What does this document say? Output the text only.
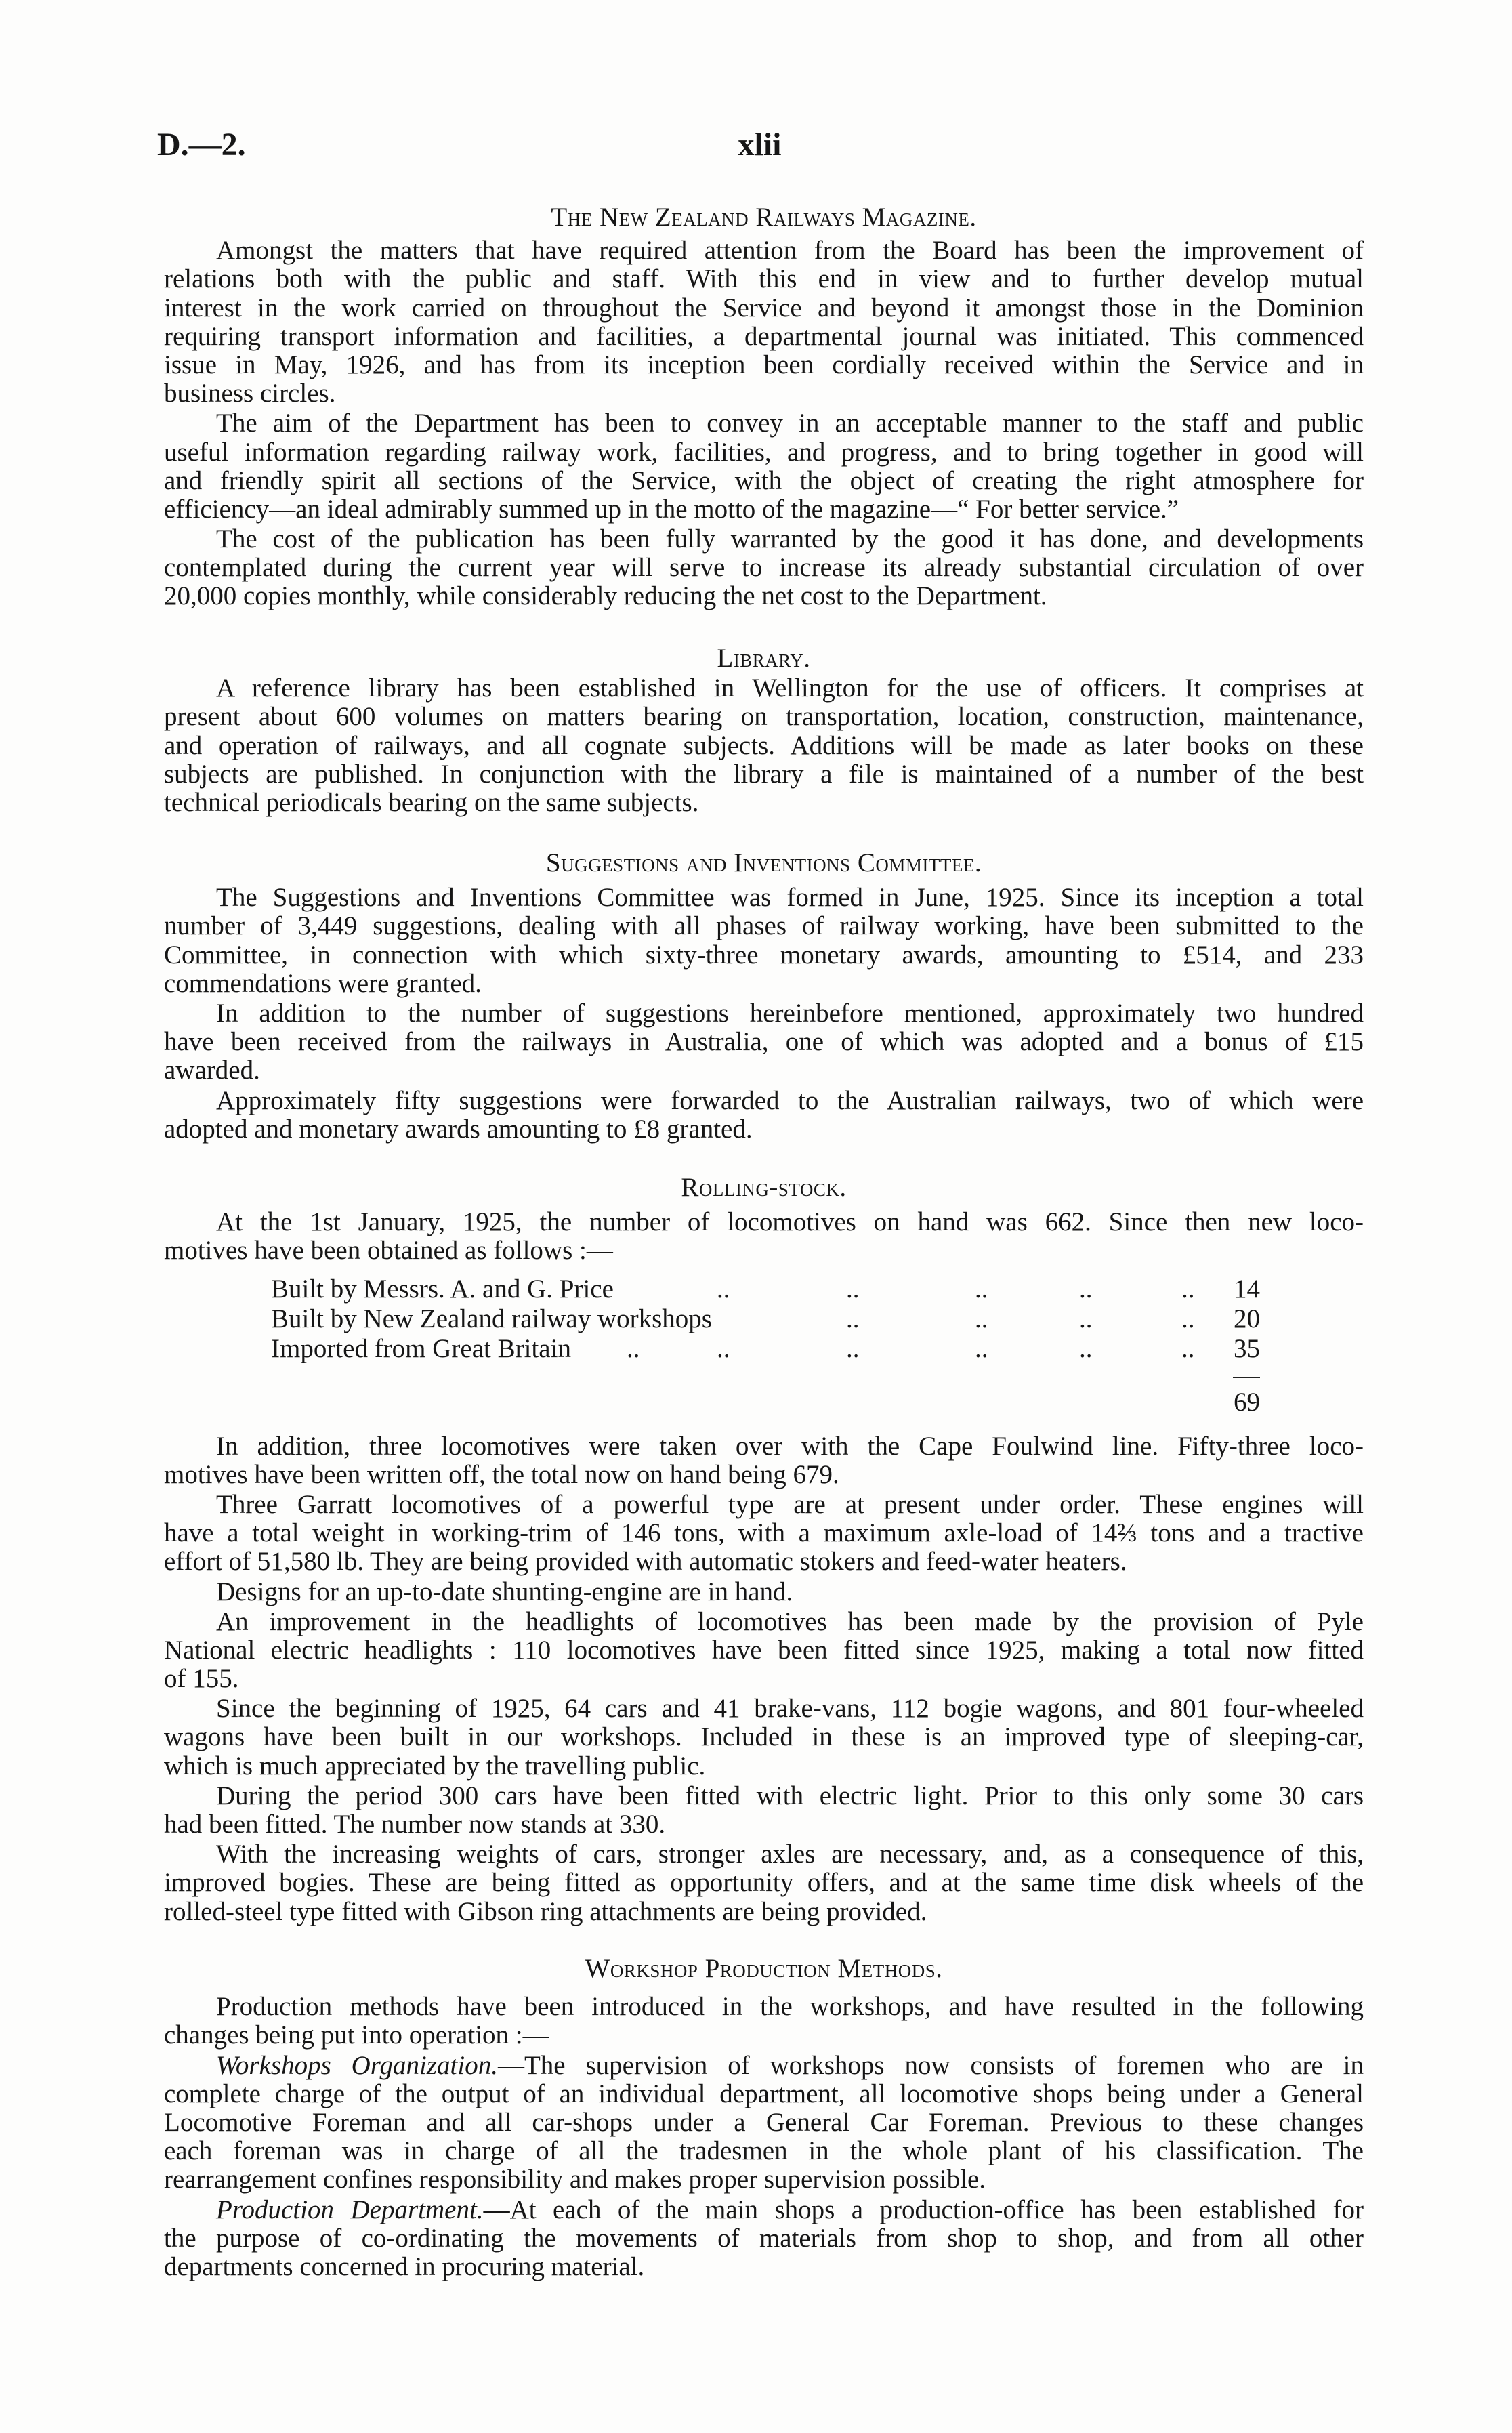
D.—2.	xlii
The New Zealand Railways Magazine.
Amongst the matters that have required attention from the Board has been the improvement of
relations both with the public and staff. With this end in view and to further develop mutual
interest in the work carried on throughout the Service and beyond it amongst those in the Dominion
requiring transport information and facilities, a departmental journal was initiated. This commenced
issue in May, 1926, and has from its inception been cordially received within the Service and in
business circles.
The aim of the Department has been to convey in an acceptable manner to the staff and public
useful information regarding railway work, facilities, and progress, and to bring together in good will
and friendly spirit all sections of the Service, with the object of creating the right atmosphere for
efficiency—an ideal admirably summed up in the motto of the magazine—“ For better service.”
The cost of the publication has been fully warranted by the good it has done, and developments
contemplated during the current year will serve to increase its already substantial circulation of over
20,000 copies monthly, while considerably reducing the net cost to the Department.
Library.
A reference library has been established in Wellington for the use of officers. It comprises at
present about 600 volumes on matters bearing on transportation, location, construction, maintenance,
and operation of railways, and all cognate subjects. Additions will be made as later books on these
subjects are published. In conjunction with the library a file is maintained of a number of the best
technical periodicals bearing on the same subjects.
Suggestions and Inventions Committee.
The Suggestions and Inventions Committee was formed in June, 1925. Since its inception a total
number of 3,449 suggestions, dealing with all phases of railway working, have been submitted to the
Committee, in connection with which sixty-three monetary awards, amounting to £514, and 233
commendations were granted.
In addition to the number of suggestions hereinbefore mentioned, approximately two hundred
have been received from the railways in Australia, one of which was adopted and a bonus of £15
awarded.
Approximately fifty suggestions were forwarded to the Australian railways, two of which were
adopted and monetary awards amounting to £8 granted.
Rolling-stock.
At the 1st January, 1925, the number of locomotives on hand was 662. Since then new loco-
motives have been obtained as follows :—
Built by Messrs. A. and G. Price	..	..	..	..	..	14
Built by New Zealand railway workshops	..	..	..	..	20
Imported from Great Britain ..	..	..	..	..	..	35
69
In addition, three locomotives were taken over with the Cape Foulwind line. Fifty-three loco-
motives have been written off, the total now on hand being 679.
Three Garratt locomotives of a powerful type are at present under order. These engines will
have a total weight in working-trim of 146 tons, with a maximum axle-load of 14⅔ tons and a tractive
effort of 51,580 lb. They are being provided with automatic stokers and feed-water heaters.
Designs for an up-to-date shunting-engine are in hand.
An improvement in the headlights of locomotives has been made by the provision of Pyle
National electric headlights : 110 locomotives have been fitted since 1925, making a total now fitted
of 155.
Since the beginning of 1925, 64 cars and 41 brake-vans, 112 bogie wagons, and 801 four-wheeled
wagons have been built in our workshops. Included in these is an improved type of sleeping-car,
which is much appreciated by the travelling public.
During the period 300 cars have been fitted with electric light. Prior to this only some 30 cars
had been fitted. The number now stands at 330.
With the increasing weights of cars, stronger axles are necessary, and, as a consequence of this,
improved bogies. These are being fitted as opportunity offers, and at the same time disk wheels of the
rolled-steel type fitted with Gibson ring attachments are being provided.
Workshop Production Methods.
Production methods have been introduced in the workshops, and have resulted in the following
changes being put into operation :—
Workshops Organization.—The supervision of workshops now consists of foremen who are in
complete charge of the output of an individual department, all locomotive shops being under a General
Locomotive Foreman and all car-shops under a General Car Foreman. Previous to these changes
each foreman was in charge of all the tradesmen in the whole plant of his classification. The
rearrangement confines responsibility and makes proper supervision possible.
Production Department.—At each of the main shops a production-office has been established for
the purpose of co-ordinating the movements of materials from shop to shop, and from all other
departments concerned in procuring material.
